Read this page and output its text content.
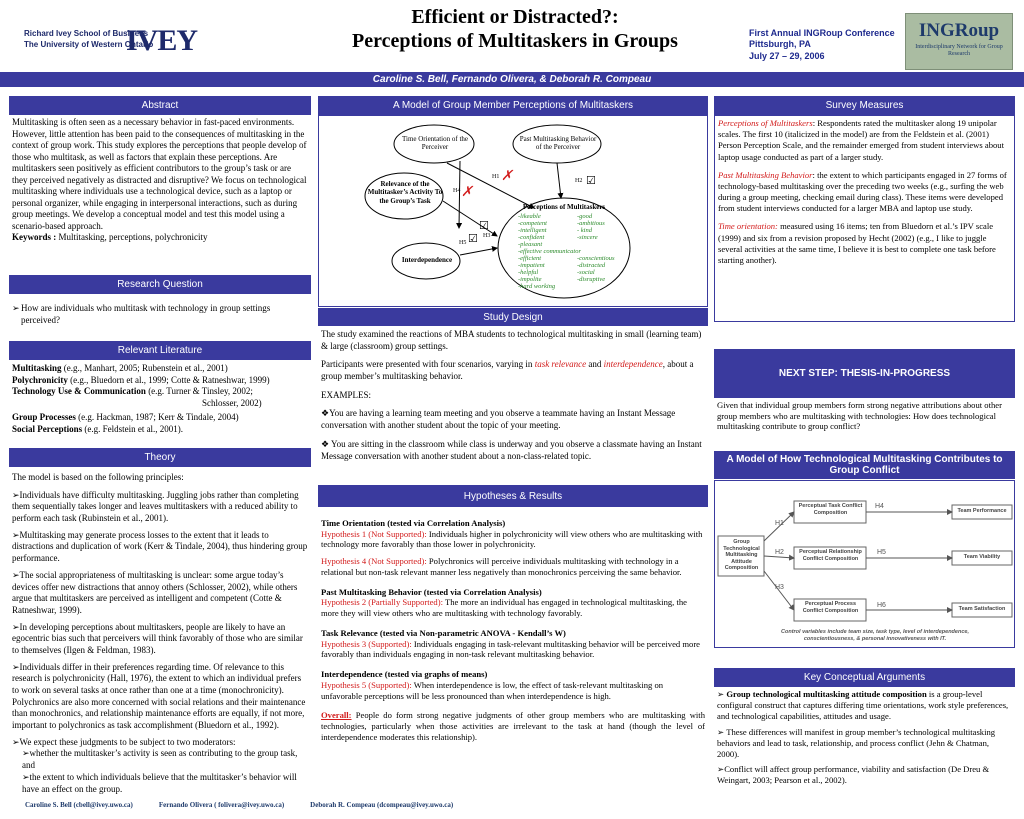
Richard Ivey School of Business
The University of Western Ontario
IVEY
Efficient or Distracted?:
Perceptions of Multitaskers in Groups	First Annual INGRoup Conference
Pittsburgh, PA
July 27 – 29, 2006
INGRoup
Interdisciplinary Network for Group Research
Caroline S. Bell, Fernando Olivera, & Deborah R. Compeau
Abstract

Multitasking is often seen as a necessary behavior in fast-paced environments. However, little attention has been paid to the consequences of multitasking in the context of group work. This study explores the perceptions that people develop of those who multitask, as well as factors that explain these perceptions. Are multitaskers seen positively as efficient contributors to the group’s task or are they perceived negatively as distracted and disruptive? We focus on technological multitasking where individuals use a technological device, such as a laptop or personal organizer, while engaging in interpersonal interactions, such as during group meetings. We develop a conceptual model and test this model using a scenario-based approach.

Keywords : Multitasking, perceptions, polychronicity

Research Question
➢ How are individuals who multitask with technology in group settings perceived?
Relevant Literature
Multitasking (e.g., Manhart, 2005; Rubenstein et al., 2001)
Polychronicity (e.g., Bluedorn et al., 1999; Cotte & Ratneshwar, 1999)
Technology Use & Communication (e.g. Turner & Tinsley, 2002;
Schlosser, 2002)
Group Processes (e.g. Hackman, 1987; Kerr & Tindale, 2004)
Social Perceptions (e.g. Feldstein et al., 2001).
Theory

The model is based on the following principles:

➢Individuals have difficulty multitasking. Juggling jobs rather than completing them sequentially takes longer and leaves multitaskers with a reduced ability to perform each task (Rubinstein et al., 2001).
➢Multitasking may generate process losses to the extent that it leads to distractions and duplication of work (Kerr & Tindale, 2004), thus hindering group performance.
➢The social appropriateness of multitasking is unclear: some argue today’s devices offer new distractions that annoy others (Schlosser, 2002), while others argue that multitaskers are perceived as intelligent and competent (Cotte & Ratneshwar, 1999).
➢In developing perceptions about multitaskers, people are likely to have an egocentric bias such that perceivers will think favorably of those who are similar to themselves (Ilgen & Feldman, 1983).
➢Individuals differ in their preferences regarding time. Of relevance to this research is polychronicity (Hall, 1976), the extent to which an individual prefers to work on several tasks at once rather than one at a time (monochronicity). Polychronics are also more concerned with social relations and their maintenance than monochronics, and relationship maintenance efforts are equally, if not more, important to polychronics as task accomplishment (Bluedorn et al., 1992).
➢We expect these judgments to be subject to two moderators:
➢whether the multitasker’s activity is seen as contributing to the group task, and
➢the extent to which individuals believe that the multitasker’s behavior will have an effect on the group.
A Model of Group Member Perceptions of Multitaskers
H1
H4
H2
H3
H5
✗
✗
☑
☑
☑
Time Orientation of the Perceiver
Past Multitasking Behavior of the Perceiver
Relevance of the Multitasker’s Activity To the Group’s Task
Interdependence
Perceptions of Multitaskers
-likeable
-competent
-intelligent
-confident
-pleasant
-effective communicator
-efficient
-impatient
-helpful
-impolite
-hard working
-good
-ambitious
- kind
-sincere
-conscientious
-distracted
-social
-disruptive
Study Design

The study examined the reactions of MBA students to technological multitasking in small (learning team) & large (classroom) group settings.

Participants were presented with four scenarios, varying in task relevance and interdependence, about a group member’s multitasking behavior.

EXAMPLES:

❖You are having a learning team meeting and you observe a teammate having an Instant Message conversation with another student about the topic of your meeting.

❖ You are sitting in the classroom while class is underway and you observe a classmate having an Instant Message conversation with another student about a non-class-related topic.

Hypotheses & Results

Time Orientation (tested via Correlation Analysis)

Hypothesis 1 (Not Supported): Individuals higher in polychronicity will view others who are multitasking with technology more favorably than those lower in polychronicity.

Hypothesis 4 (Not Supported): Polychronics will perceive individuals multitasking with technology in a relational but non-task relevant manner less negatively than monochronics perceiving the same behavior.

Past Multitasking Behavior (tested via Correlation Analysis)

Hypothesis 2 (Partially Supported): The more an individual has engaged in technological multitasking, the more they will view others who are multitasking with technology favorably.

Task Relevance (tested via Non-parametric ANOVA - Kendall’s W)

Hypothesis 3 (Supported): Individuals engaging in task-relevant multitasking behavior will be perceived more favorably than individuals engaging in non-task relevant multitasking behavior.

Interdependence (tested via graphs of means)

Hypothesis 5 (Supported): When interdependence is low, the effect of task-relevant multitasking on unfavorable perceptions will be less pronounced than when interdependence is high.

Overall: People do form strong negative judgments of other group members who are multitasking with technologies, particularly when those activities are irrelevant to the task at hand (though the level of interdependence moderates this relationship).

Survey Measures

Perceptions of Multitaskers: Respondents rated the multitasker along 19 unipolar scales. The first 10 (italicized in the model) are from the Feldstein et al. (2001) Person Perception Scale, and the remainder emerged from student interviews about laptop usage conducted as part of a larger study.

Past Multitasking Behavior: the extent to which participants engaged in 27 forms of technology-based multitasking over the preceding two weeks (e.g., surfing the web during a group meeting, checking email during class). These items were developed from student interviews conducted for a larger MBA and laptop use study.

Time orientation: measured using 16 items; ten from Bluedorn et al.’s IPV scale (1999) and six from a revision proposed by Hecht (2002) (e.g., I like to juggle several activities at the same time, I believe it is best to complete one task before starting another).

NEXT STEP: THESIS-IN-PROGRESS

Given that individual group members form strong negative attributions about other group members who are multitasking with technologies: How does technological multitasking contribute to group conflict?

A Model of How Technological Multitasking Contributes to Group Conflict
H1
H2
H3
H4
H5
H6
Group Technological Multitasking Attitude Composition
Perceptual Task Conflict Composition
Perceptual Relationship Conflict Composition
Perceptual Process Conflict Composition
Team Performance
Team Viability
Team Satisfaction
Control variables include team size, task type, level of interdependence, conscientiousness, & personal innovativeness with IT.
Key Conceptual Arguments

➢ Group technological multitasking attitude composition is a group-level configural construct that captures differing time orientations, work style preferences, and technological capabilities, attitudes and usage.

➢ These differences will manifest in group member’s technological multitasking behaviors and lead to task, relationship, and process conflict (Jehn & Chatman, 2000).

➢Conflict will affect group performance, viability and satisfaction (De Dreu & Weingart, 2003; Pearson et al., 2002).

Caroline S. Bell (cbell@ivey.uwo.ca)	Fernando Olivera ( folivera@ivey.uwo.ca)	Deborah R. Compeau (dcompeau@ivey.uwo.ca)
